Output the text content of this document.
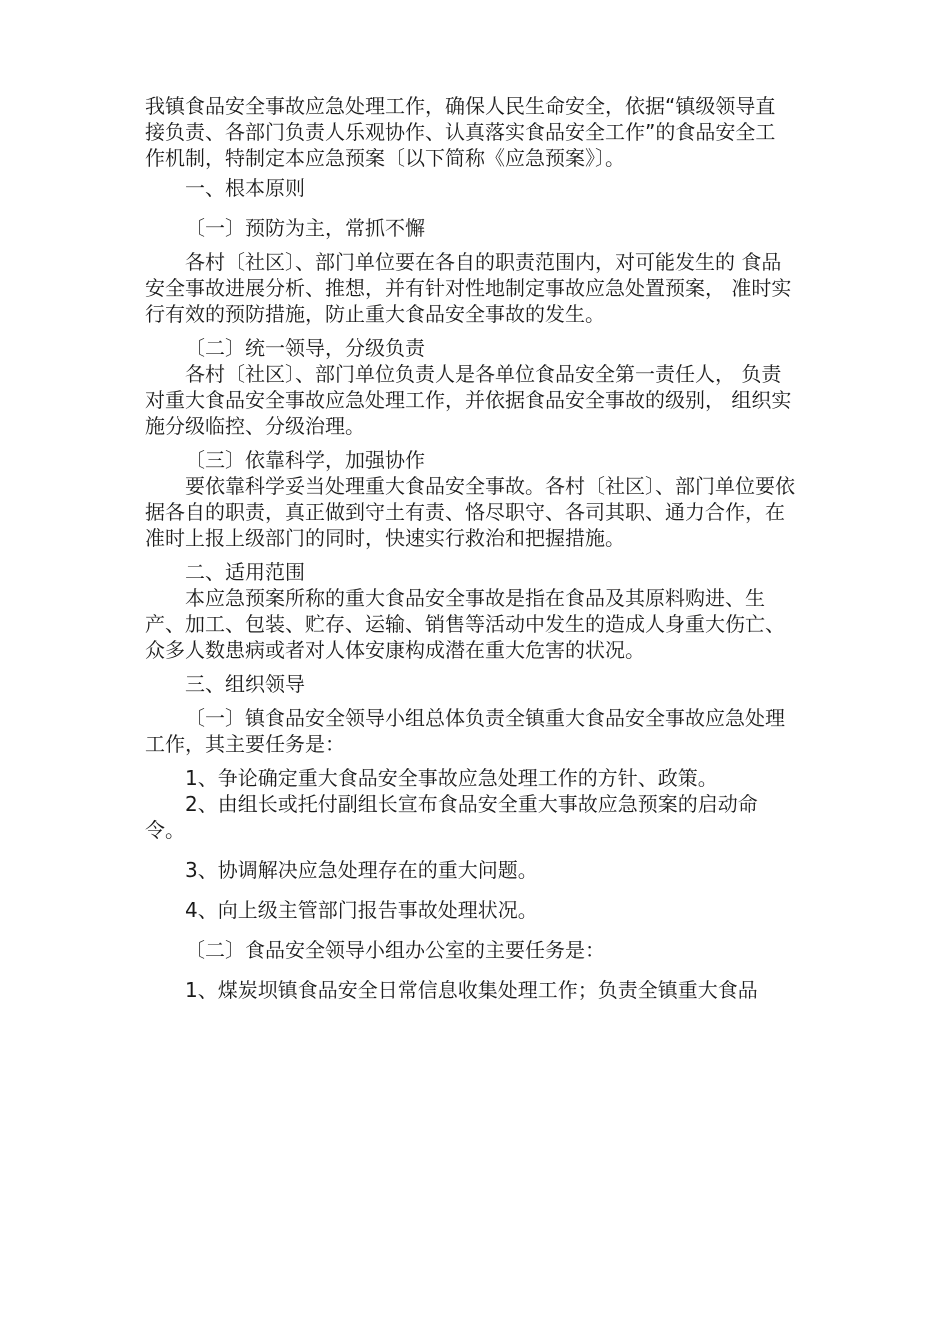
我镇食品安全事故应急处理工作，确保人民生命安全，依据“镇级领导直接负责、各部门负责人乐观协作、认真落实食品安全工作”的食品安全工作机制，特制定本应急预案〔以下简称《应急预案》〕。

一、根本原则

〔一〕预防为主，常抓不懈

各村〔社区〕、部门单位要在各自的职责范围内，对可能发生的 食品安全事故进展分析、推想，并有针对性地制定事故应急处置预案， 准时实行有效的预防措施，防止重大食品安全事故的发生。

〔二〕统一领导，分级负责

各村〔社区〕、部门单位负责人是各单位食品安全第一责任人， 负责对重大食品安全事故应急处理工作，并依据食品安全事故的级别， 组织实施分级临控、分级治理。

〔三〕依靠科学，加强协作

要依靠科学妥当处理重大食品安全事故。各村〔社区〕、部门单位要依据各自的职责，真正做到守土有责、恪尽职守、各司其职、通力合作，在准时上报上级部门的同时，快速实行救治和把握措施。

二、适用范围

本应急预案所称的重大食品安全事故是指在食品及其原料购进、生产、加工、包装、贮存、运输、销售等活动中发生的造成人身重大伤亡、众多人数患病或者对人体安康构成潜在重大危害的状况。

三、组织领导

〔一〕镇食品安全领导小组总体负责全镇重大食品安全事故应急处理工作，其主要任务是：

1、争论确定重大食品安全事故应急处理工作的方针、政策。

2、由组长或托付副组长宣布食品安全重大事故应急预案的启动命令。

3、协调解决应急处理存在的重大问题。

4、向上级主管部门报告事故处理状况。

〔二〕食品安全领导小组办公室的主要任务是：

1、煤炭坝镇食品安全日常信息收集处理工作；负责全镇重大食品
